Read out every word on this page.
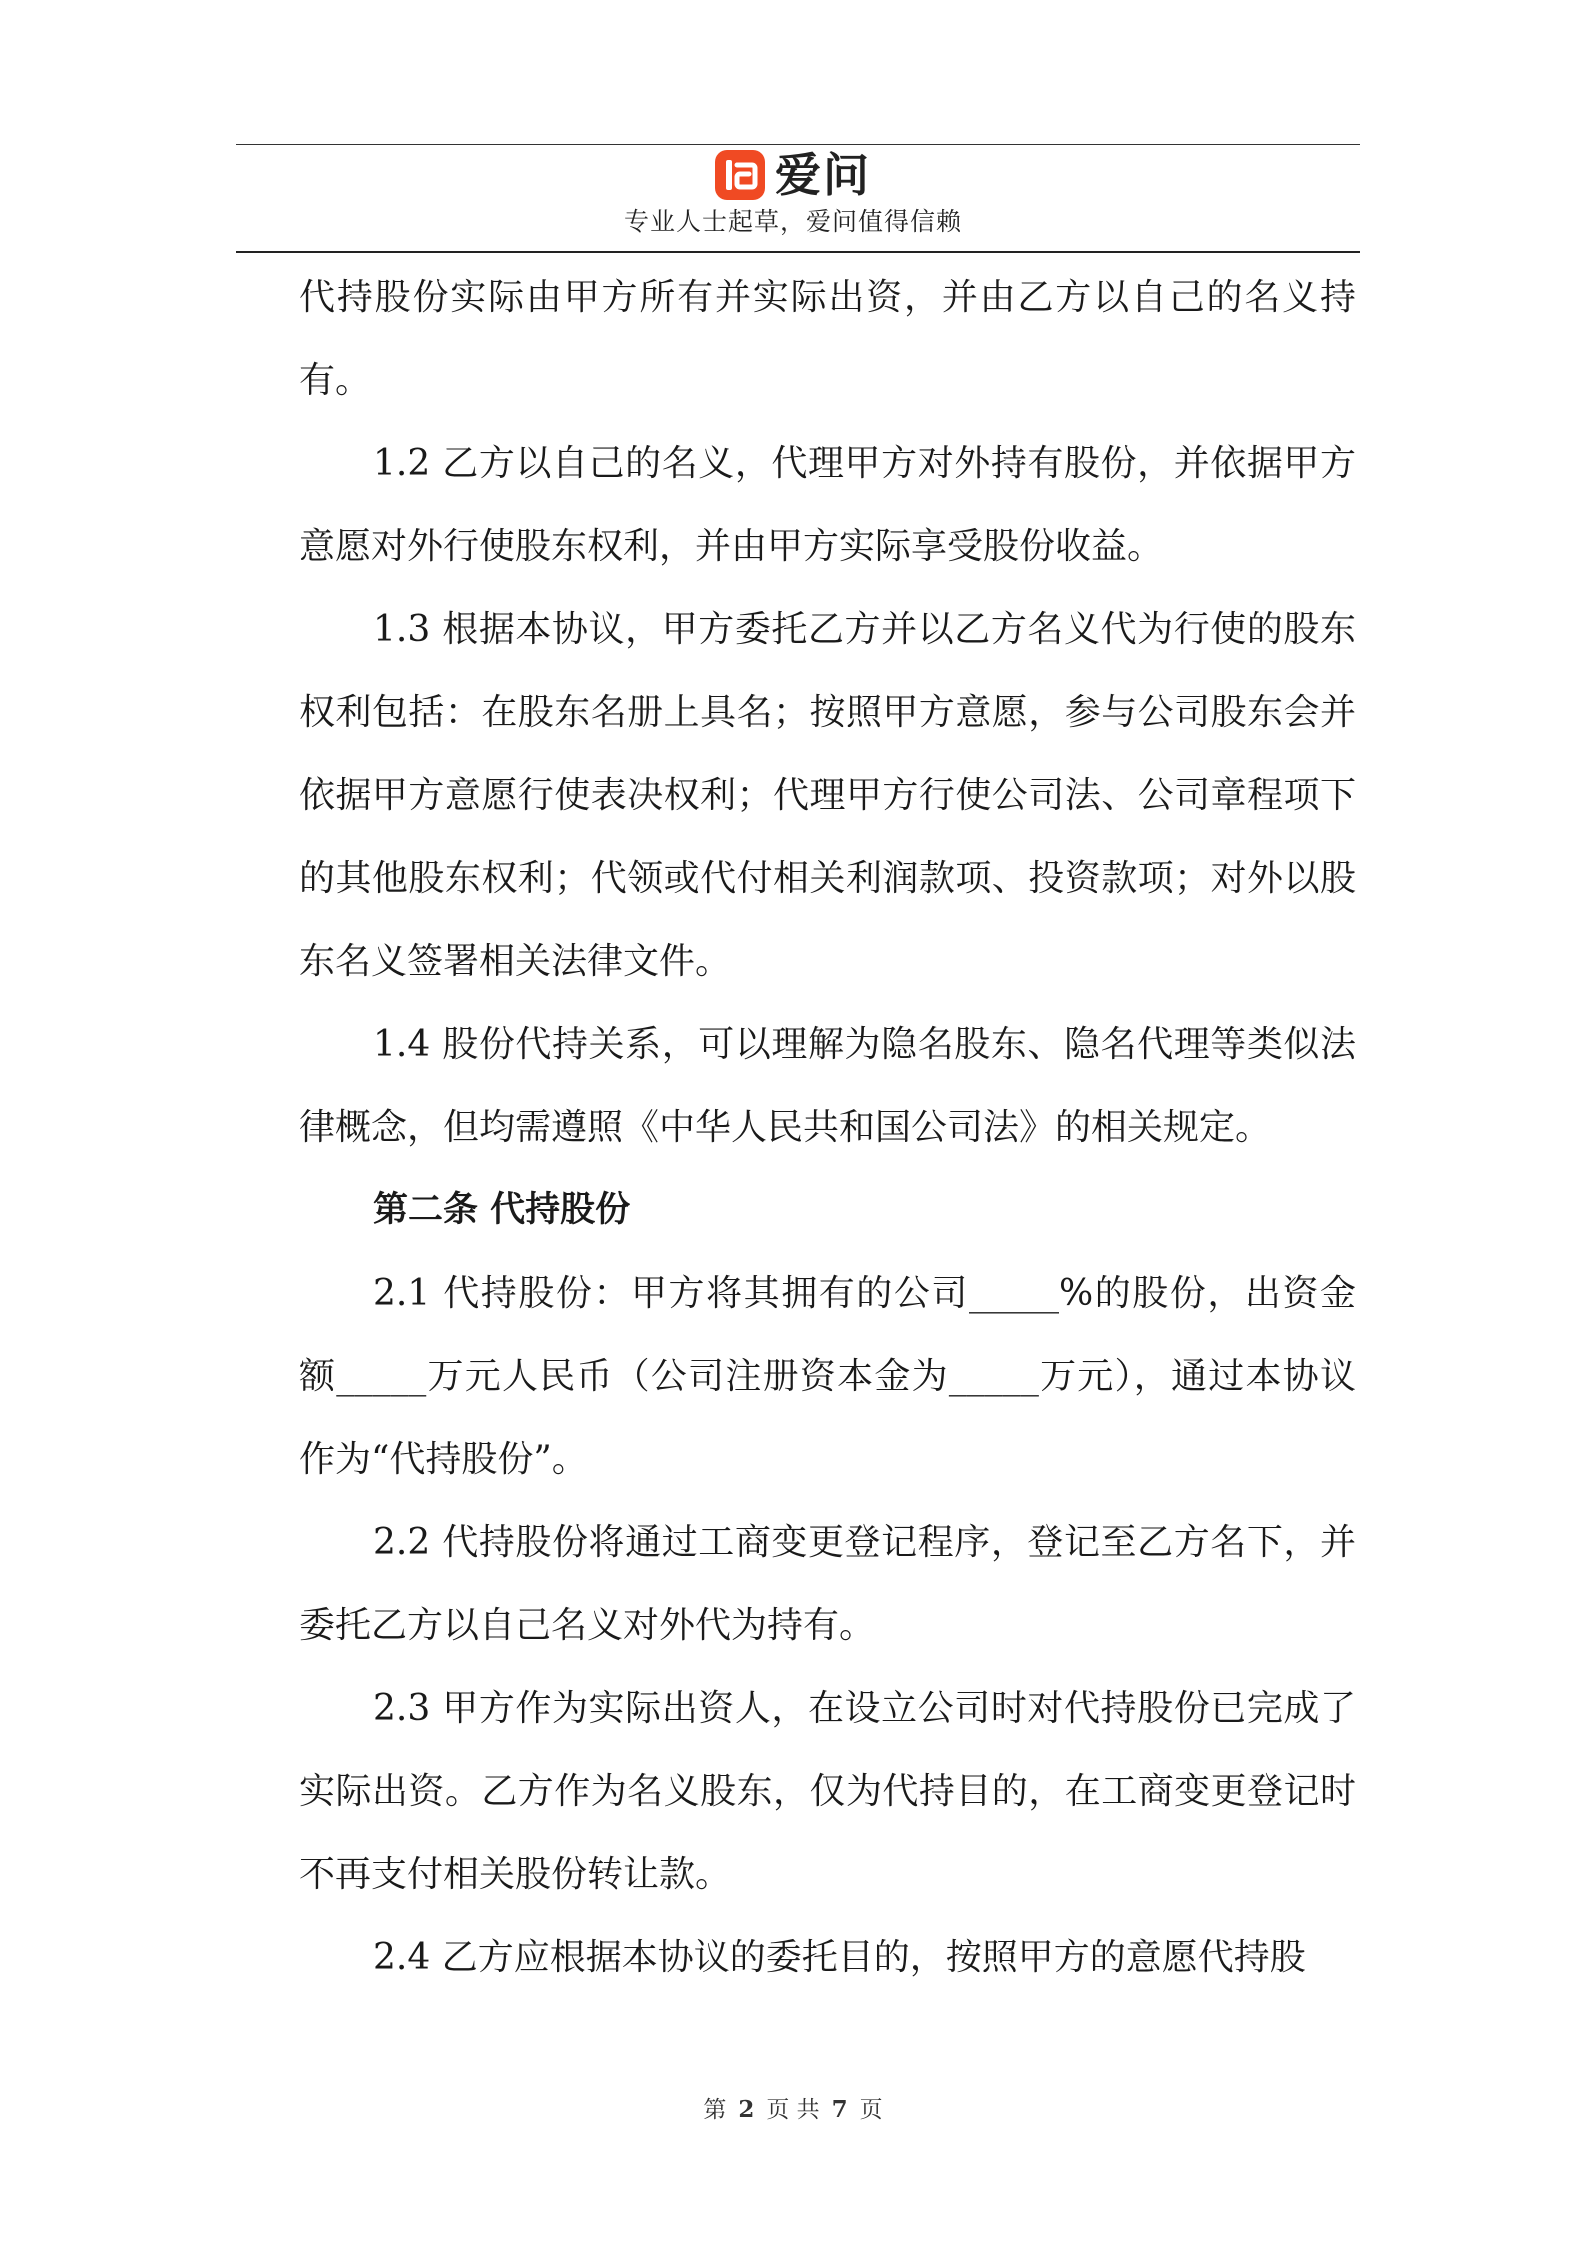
爱问
专业人士起草，爱问值得信赖

代持股份实际由甲方所有并实际出资，并由乙方以自己的名义持有。

1.2 乙方以自己的名义，代理甲方对外持有股份，并依据甲方意愿对外行使股东权利，并由甲方实际享受股份收益。

1.3 根据本协议，甲方委托乙方并以乙方名义代为行使的股东权利包括：在股东名册上具名；按照甲方意愿，参与公司股东会并依据甲方意愿行使表决权利；代理甲方行使公司法、公司章程项下的其他股东权利；代领或代付相关利润款项、投资款项；对外以股东名义签署相关法律文件。

1.4 股份代持关系，可以理解为隐名股东、隐名代理等类似法律概念，但均需遵照《中华人民共和国公司法》的相关规定。

第二条 代持股份

2.1 代持股份：甲方将其拥有的公司_____%的股份，出资金额_____万元人民币（公司注册资本金为_____万元），通过本协议作为“代持股份”。

2.2 代持股份将通过工商变更登记程序，登记至乙方名下，并委托乙方以自己名义对外代为持有。

2.3 甲方作为实际出资人，在设立公司时对代持股份已完成了实际出资。乙方作为名义股东，仅为代持目的，在工商变更登记时不再支付相关股份转让款。

2.4 乙方应根据本协议的委托目的，按照甲方的意愿代持股

第 2 页 共 7 页
